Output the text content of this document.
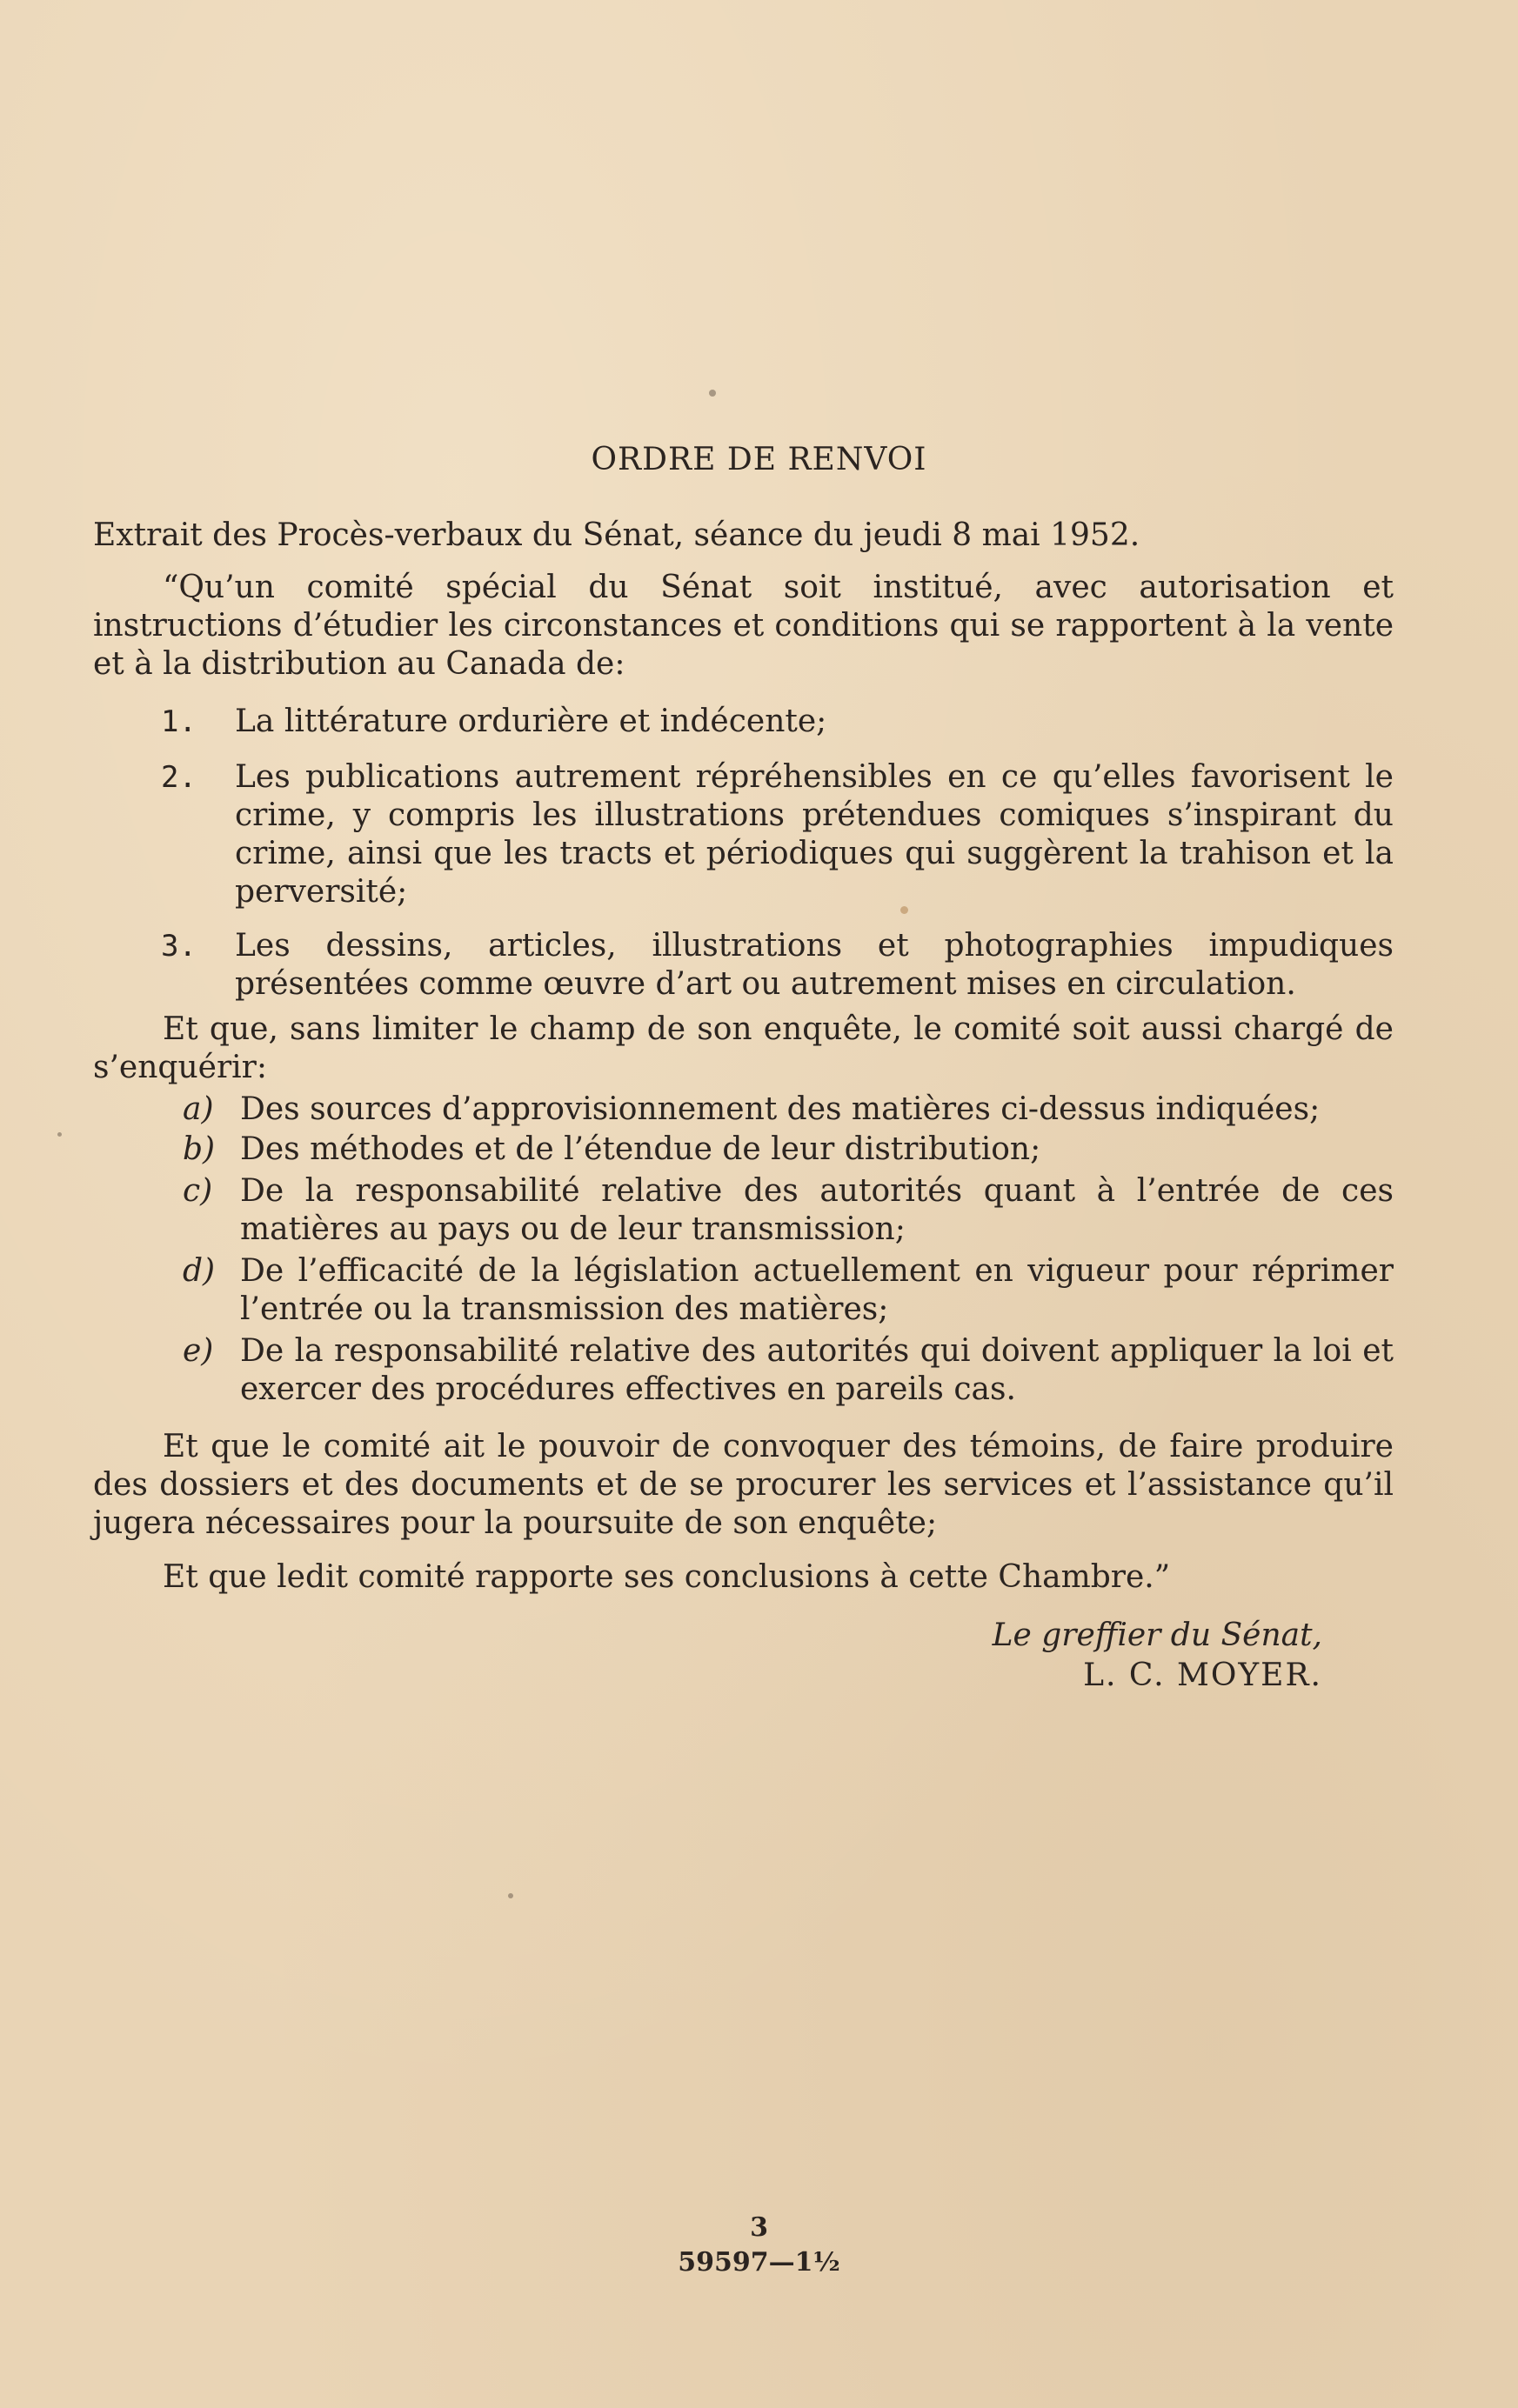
ORDRE DE RENVOI

Extrait des Procès-verbaux du Sénat, séance du jeudi 8 mai 1952.

“Qu’un comité spécial du Sénat soit institué, avec autorisation et instructions d’étudier les circonstances et conditions qui se rapportent à la vente et à la distribution au Canada de:

1. La littérature ordurière et indécente;
2. Les publications autrement répréhensibles en ce qu’elles favorisent le crime, y compris les illustrations prétendues comiques s’inspirant du crime, ainsi que les tracts et périodiques qui suggèrent la trahison et la perversité;
3. Les dessins, articles, illustrations et photographies impudiques présentées comme œuvre d’art ou autrement mises en circulation.

Et que, sans limiter le champ de son enquête, le comité soit aussi chargé de s’enquérir:

a) Des sources d’approvisionnement des matières ci-dessus indiquées;
b) Des méthodes et de l’étendue de leur distribution;
c) De la responsabilité relative des autorités quant à l’entrée de ces matières au pays ou de leur transmission;
d) De l’efficacité de la législation actuellement en vigueur pour réprimer l’entrée ou la transmission des matières;
e) De la responsabilité relative des autorités qui doivent appliquer la loi et exercer des procédures effectives en pareils cas.

Et que le comité ait le pouvoir de convoquer des témoins, de faire produire des dossiers et des documents et de se procurer les services et l’assistance qu’il jugera nécessaires pour la poursuite de son enquête;

Et que ledit comité rapporte ses conclusions à cette Chambre.”

Le greffier du Sénat,
L. C. MOYER.
3
59597—1½
